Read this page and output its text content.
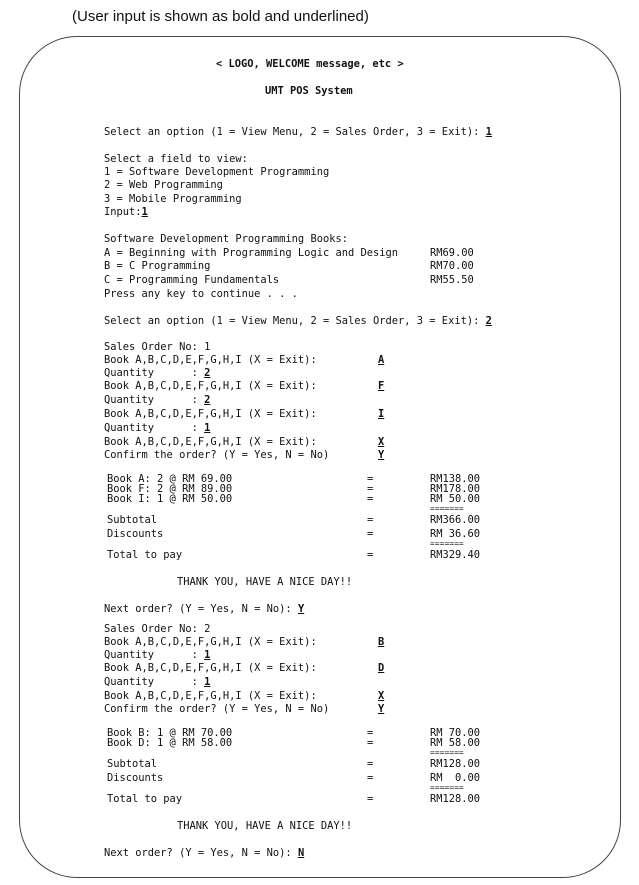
(User input is shown as bold and underlined)
< LOGO, WELCOME message, etc >
UMT POS System
Select an option (1 = View Menu, 2 = Sales Order, 3 = Exit): 1
Select a field to view:
1 = Software Development Programming
2 = Web Programming
3 = Mobile Programming
Input:1
Software Development Programming Books:
A = Beginning with Programming Logic and Design	RM69.00
B = C Programming	RM70.00
C = Programming Fundamentals	RM55.50
Press any key to continue . . .
Select an option (1 = View Menu, 2 = Sales Order, 3 = Exit): 2
Sales Order No: 1
Book A,B,C,D,E,F,G,H,I (X = Exit):	A
Quantity      : 2
Book A,B,C,D,E,F,G,H,I (X = Exit):	F
Quantity      : 2
Book A,B,C,D,E,F,G,H,I (X = Exit):	I
Quantity      : 1
Book A,B,C,D,E,F,G,H,I (X = Exit):	X
Confirm the order? (Y = Yes, N = No)	Y
Book A: 2 @ RM 69.00	=	RM138.00
Book F: 2 @ RM 89.00	=	RM178.00
Book I: 1 @ RM 50.00	=	RM 50.00
=======
Subtotal	=	RM366.00
Discounts	=	RM 36.60
=======
Total to pay	=	RM329.40
THANK YOU, HAVE A NICE DAY!!
Next order? (Y = Yes, N = No): Y
Sales Order No: 2
Book A,B,C,D,E,F,G,H,I (X = Exit):	B
Quantity      : 1
Book A,B,C,D,E,F,G,H,I (X = Exit):	D
Quantity      : 1
Book A,B,C,D,E,F,G,H,I (X = Exit):	X
Confirm the order? (Y = Yes, N = No)	Y
Book B: 1 @ RM 70.00	=	RM 70.00
Book D: 1 @ RM 58.00	=	RM 58.00
=======
Subtotal	=	RM128.00
Discounts	=	RM  0.00
=======
Total to pay	=	RM128.00
THANK YOU, HAVE A NICE DAY!!
Next order? (Y = Yes, N = No): N
